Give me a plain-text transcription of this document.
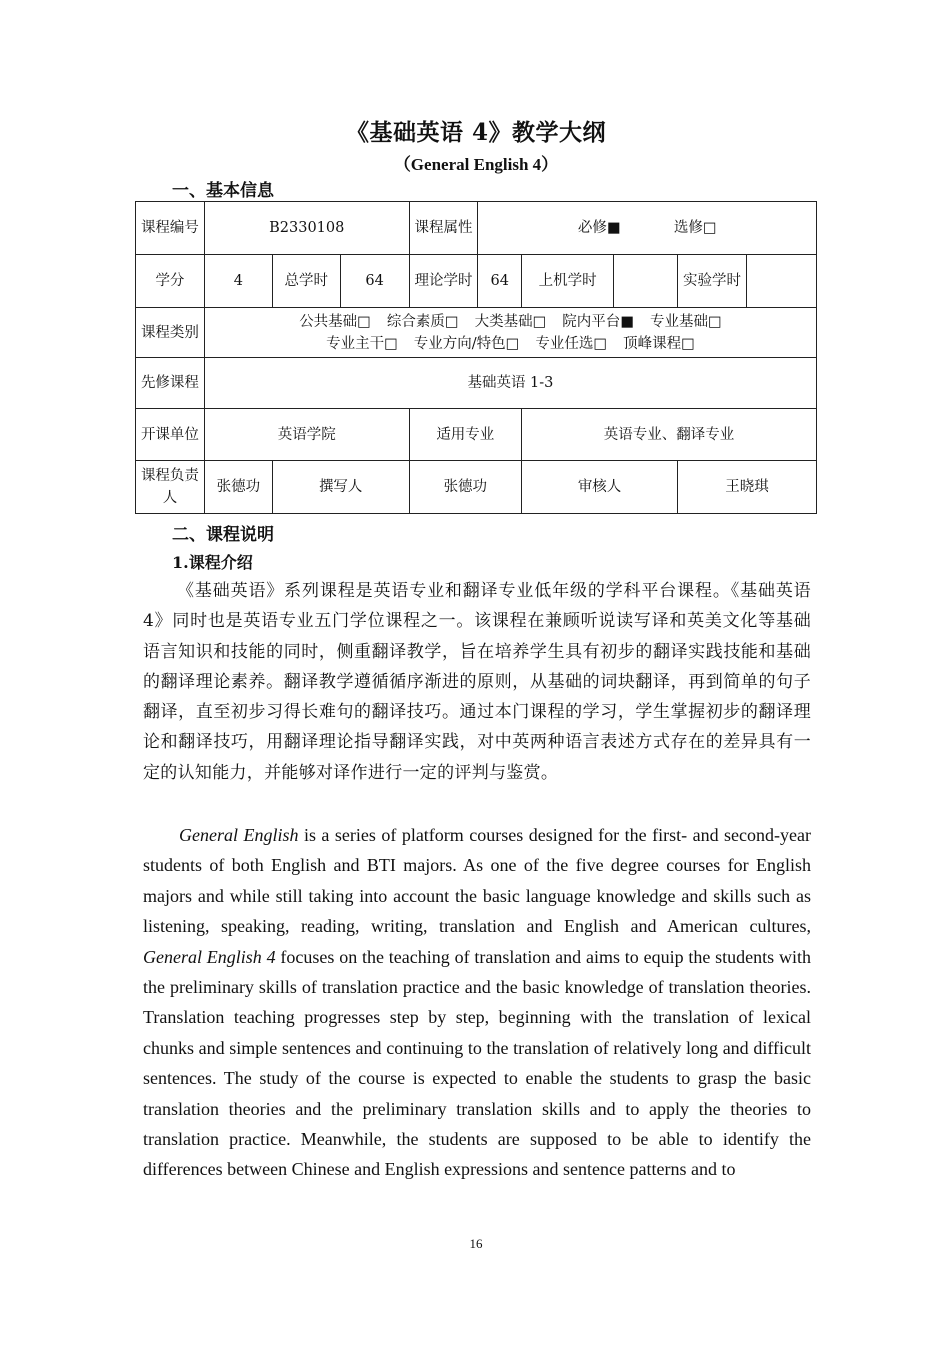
《基础英语 4》教学大纲
（General English 4）
一、基本信息
课程编号	B2330108			课程属性	必修■ 选修□				
学分	4	总学时	64	理论学时	64	上机学时		实验学时	
课程类别	公共基础□ 综合素质□ 大类基础□ 院内平台■ 专业基础□
专业主干□ 专业方向/特色□ 专业任选□ 顶峰课程□								

先修课程	基础英语 1-3								
开课单位	英语学院			适用专业		英语专业、翻译专业			
课程负责人	张德功	撰写人		张德功		审核人		王晓琪	
二、课程说明
1.课程介绍

《基础英语》系列课程是英语专业和翻译专业低年级的学科平台课程。《基础英语 4》同时也是英语专业五门学位课程之一。该课程在兼顾听说读写译和英美文化等基础语言知识和技能的同时，侧重翻译教学，旨在培养学生具有初步的翻译实践技能和基础的翻译理论素养。翻译教学遵循循序渐进的原则，从基础的词块翻译，再到简单的句子翻译，直至初步习得长难句的翻译技巧。通过本门课程的学习，学生掌握初步的翻译理论和翻译技巧，用翻译理论指导翻译实践，对中英两种语言表述方式存在的差异具有一定的认知能力，并能够对译作进行一定的评判与鉴赏。

General English is a series of platform courses designed for the first- and second-year students of both English and BTI majors. As one of the five degree courses for English majors and while still taking into account the basic language knowledge and skills such as listening, speaking, reading, writing, translation and English and American cultures, General English 4 focuses on the teaching of translation and aims to equip the students with the preliminary skills of translation practice and the basic knowledge of translation theories. Translation teaching progresses step by step, beginning with the translation of lexical chunks and simple sentences and continuing to the translation of relatively long and difficult sentences. The study of the course is expected to enable the students to grasp the basic translation theories and the preliminary translation skills and to apply the theories to translation practice. Meanwhile, the students are supposed to be able to identify the differences between Chinese and English expressions and sentence patterns and to

16
